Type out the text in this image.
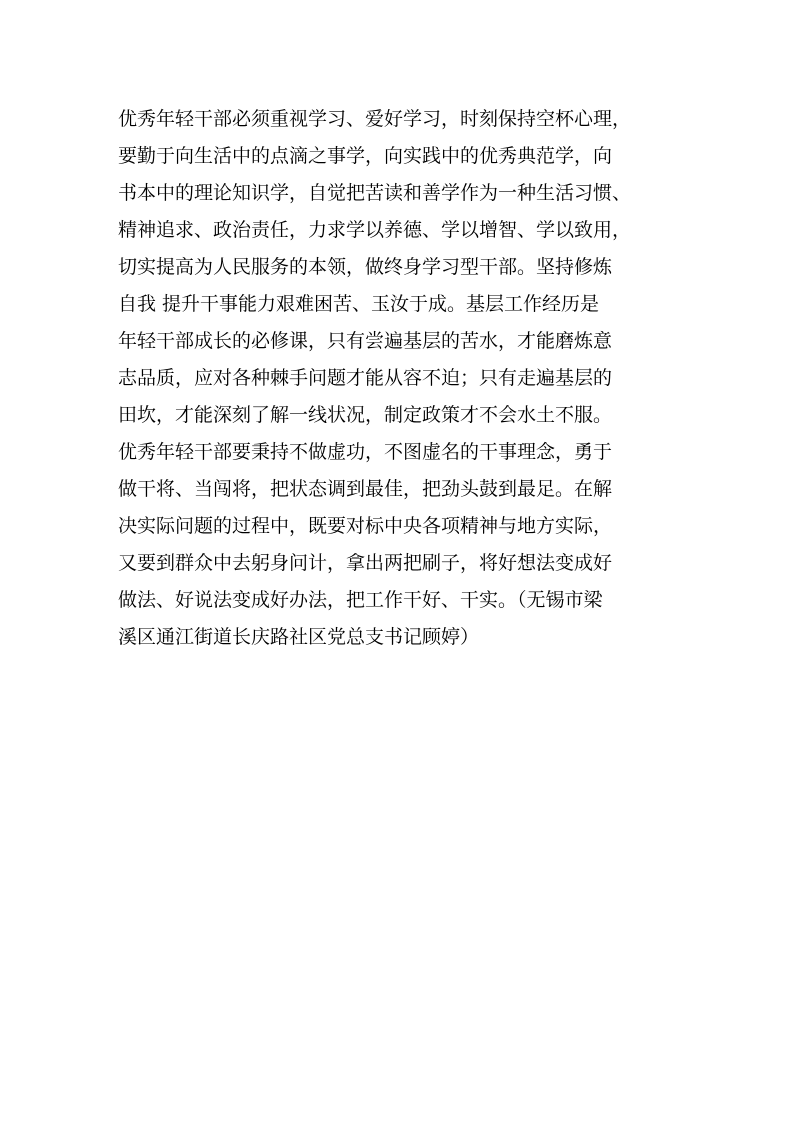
优秀年轻干部必须重视学习、爱好学习，时刻保持空杯心理，
要勤于向生活中的点滴之事学，向实践中的优秀典范学，向
书本中的理论知识学，自觉把苦读和善学作为一种生活习惯、
精神追求、政治责任，力求学以养德、学以增智、学以致用，
切实提高为人民服务的本领，做终身学习型干部。坚持修炼
自我 提升干事能力艰难困苦、玉汝于成。基层工作经历是
年轻干部成长的必修课，只有尝遍基层的苦水，才能磨炼意
志品质，应对各种棘手问题才能从容不迫；只有走遍基层的
田坎，才能深刻了解一线状况，制定政策才不会水土不服。
优秀年轻干部要秉持不做虚功，不图虚名的干事理念，勇于
做干将、当闯将，把状态调到最佳，把劲头鼓到最足。在解
决实际问题的过程中，既要对标中央各项精神与地方实际，
又要到群众中去躬身问计，拿出两把刷子，将好想法变成好
做法、好说法变成好办法，把工作干好、干实。（无锡市梁
溪区通江街道长庆路社区党总支书记顾婷）
